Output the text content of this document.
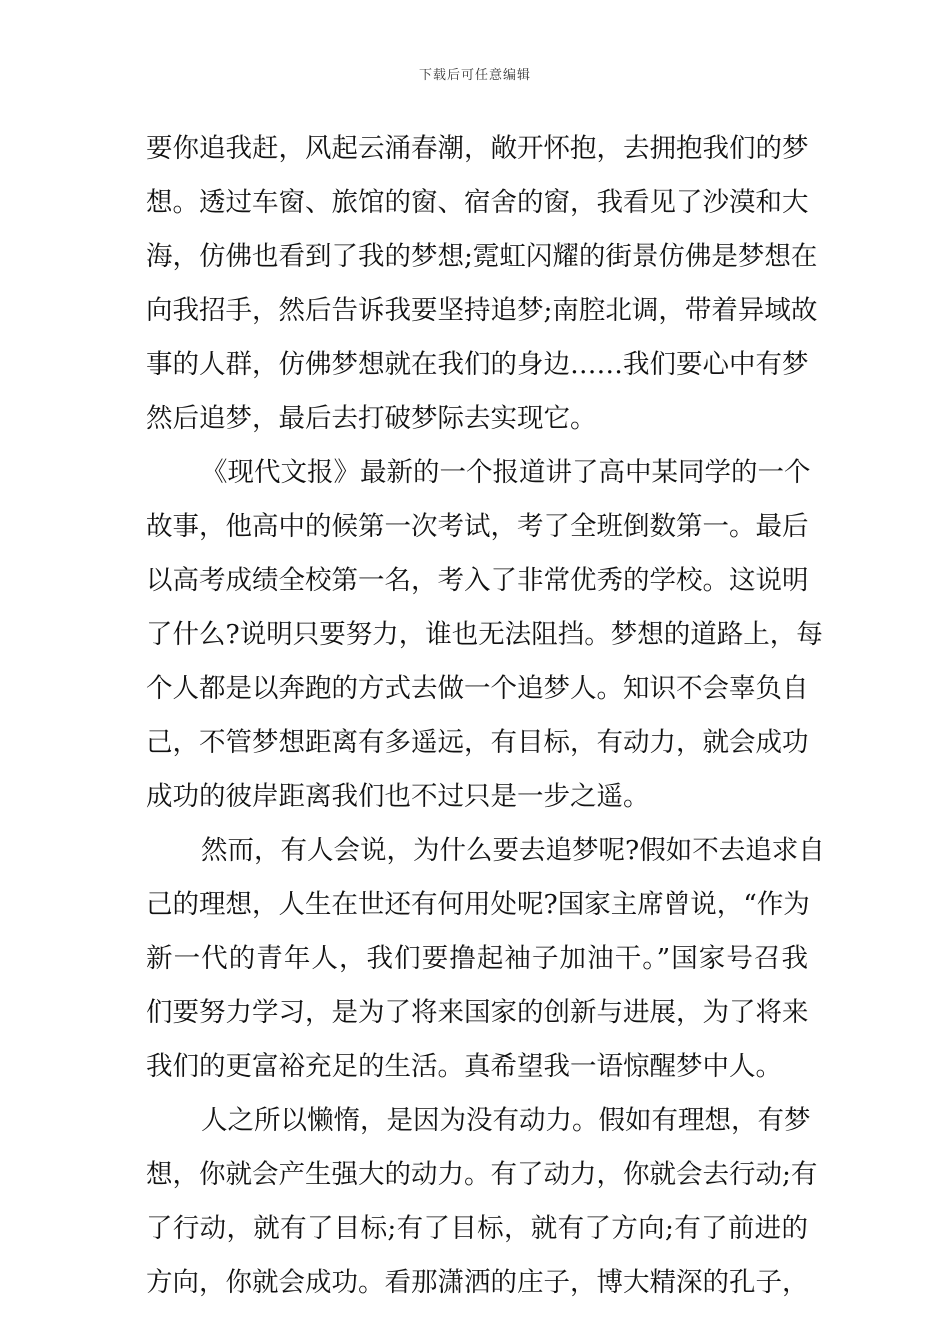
下载后可任意编辑
要你追我赶，风起云涌春潮，敞开怀抱，去拥抱我们的梦
想。透过车窗、旅馆的窗、宿舍的窗，我看见了沙漠和大
海，仿佛也看到了我的梦想;霓虹闪耀的街景仿佛是梦想在
向我招手，然后告诉我要坚持追梦;南腔北调，带着异域故
事的人群，仿佛梦想就在我们的身边……我们要心中有梦
然后追梦，最后去打破梦际去实现它。
《现代文报》最新的一个报道讲了高中某同学的一个
故事，他高中的候第一次考试，考了全班倒数第一。最后
以高考成绩全校第一名，考入了非常优秀的学校。这说明
了什么?说明只要努力，谁也无法阻挡。梦想的道路上，每
个人都是以奔跑的方式去做一个追梦人。知识不会辜负自
己，不管梦想距离有多遥远，有目标，有动力，就会成功
成功的彼岸距离我们也不过只是一步之遥。
然而，有人会说，为什么要去追梦呢?假如不去追求自
己的理想，人生在世还有何用处呢?国家主席曾说，“作为
新一代的青年人，我们要撸起袖子加油干。”国家号召我
们要努力学习，是为了将来国家的创新与进展，为了将来
我们的更富裕充足的生活。真希望我一语惊醒梦中人。
人之所以懒惰，是因为没有动力。假如有理想，有梦
想，你就会产生强大的动力。有了动力，你就会去行动;有
了行动，就有了目标;有了目标，就有了方向;有了前进的
方向，你就会成功。看那潇洒的庄子，博大精深的孔子，
